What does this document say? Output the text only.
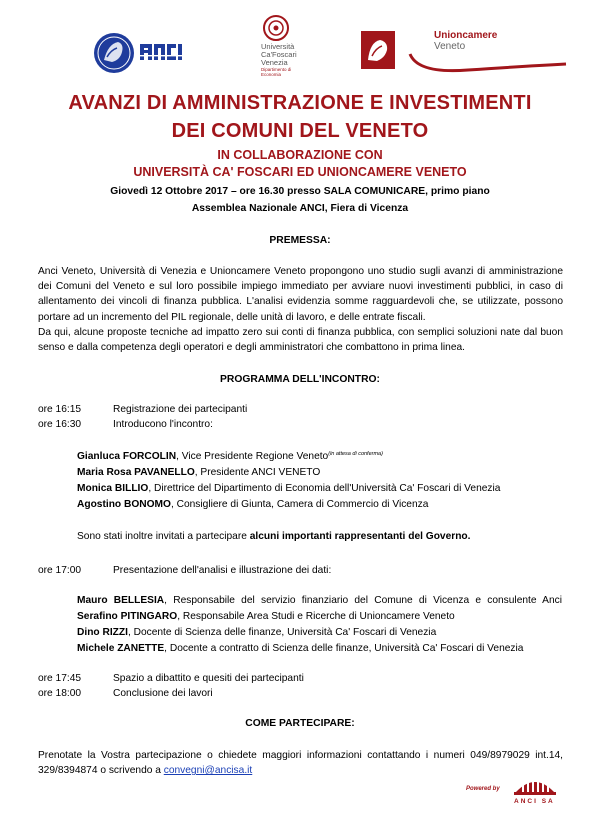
Università
Ca'Foscari
Venezia
Dipartimento di Economia
Unioncamere
Veneto
AVANZI DI AMMINISTRAZIONE E INVESTIMENTI
DEI COMUNI DEL VENETO
IN COLLABORAZIONE CON
UNIVERSITÀ CA' FOSCARI ED UNIONCAMERE VENETO
Giovedì 12 Ottobre 2017 – ore 16.30 presso SALA COMUNICARE, primo piano
Assemblea Nazionale ANCI, Fiera di Vicenza
PREMESSA:
Anci Veneto, Università di Venezia e Unioncamere Veneto propongono uno studio sugli avanzi di amministrazione
dei Comuni del Veneto e sul loro possibile impiego immediato per avviare nuovi investimenti pubblici, in caso di
allentamento dei vincoli di finanza pubblica. L'analisi evidenzia somme ragguardevoli che, se utilizzate, possono
portare ad un incremento del PIL regionale, delle unità di lavoro, e delle entrate fiscali.
Da qui, alcune proposte tecniche ad impatto zero sui conti di finanza pubblica, con semplici soluzioni nate dal buon
senso e dalla competenza degli operatori e degli amministratori che combattono in prima linea.
PROGRAMMA DELL'INCONTRO:
ore 16:15	Registrazione dei partecipanti
ore 16:30	Introducono l'incontro:
Gianluca FORCOLIN, Vice Presidente Regione Veneto$^{(in attesa di conferma)}$
Maria Rosa PAVANELLO, Presidente ANCI VENETO
Monica BILLIO, Direttrice del Dipartimento di Economia dell'Università Ca' Foscari di Venezia
Agostino BONOMO, Consigliere di Giunta, Camera di Commercio di Vicenza
Sono stati inoltre invitati a partecipare alcuni importanti rappresentanti del Governo.
ore 17:00	Presentazione dell'analisi e illustrazione dei dati:
Mauro BELLESIA, Responsabile del servizio finanziario del Comune di Vicenza e consulente Anci
Serafino PITINGARO, Responsabile Area Studi e Ricerche di Unioncamere Veneto
Dino RIZZI, Docente di Scienza delle finanze, Università Ca' Foscari di Venezia
Michele ZANETTE, Docente a contratto di Scienza delle finanze, Università Ca' Foscari di Venezia
ore 17:45	Spazio a dibattito e quesiti dei partecipanti
ore 18:00	Conclusione dei lavori
COME PARTECIPARE:
Prenotate la Vostra partecipazione o chiedete maggiori informazioni contattando i numeri 049/8979029 int.14,
329/8394874 o scrivendo a convegni@ancisa.it
Powered by
ANCI SA
